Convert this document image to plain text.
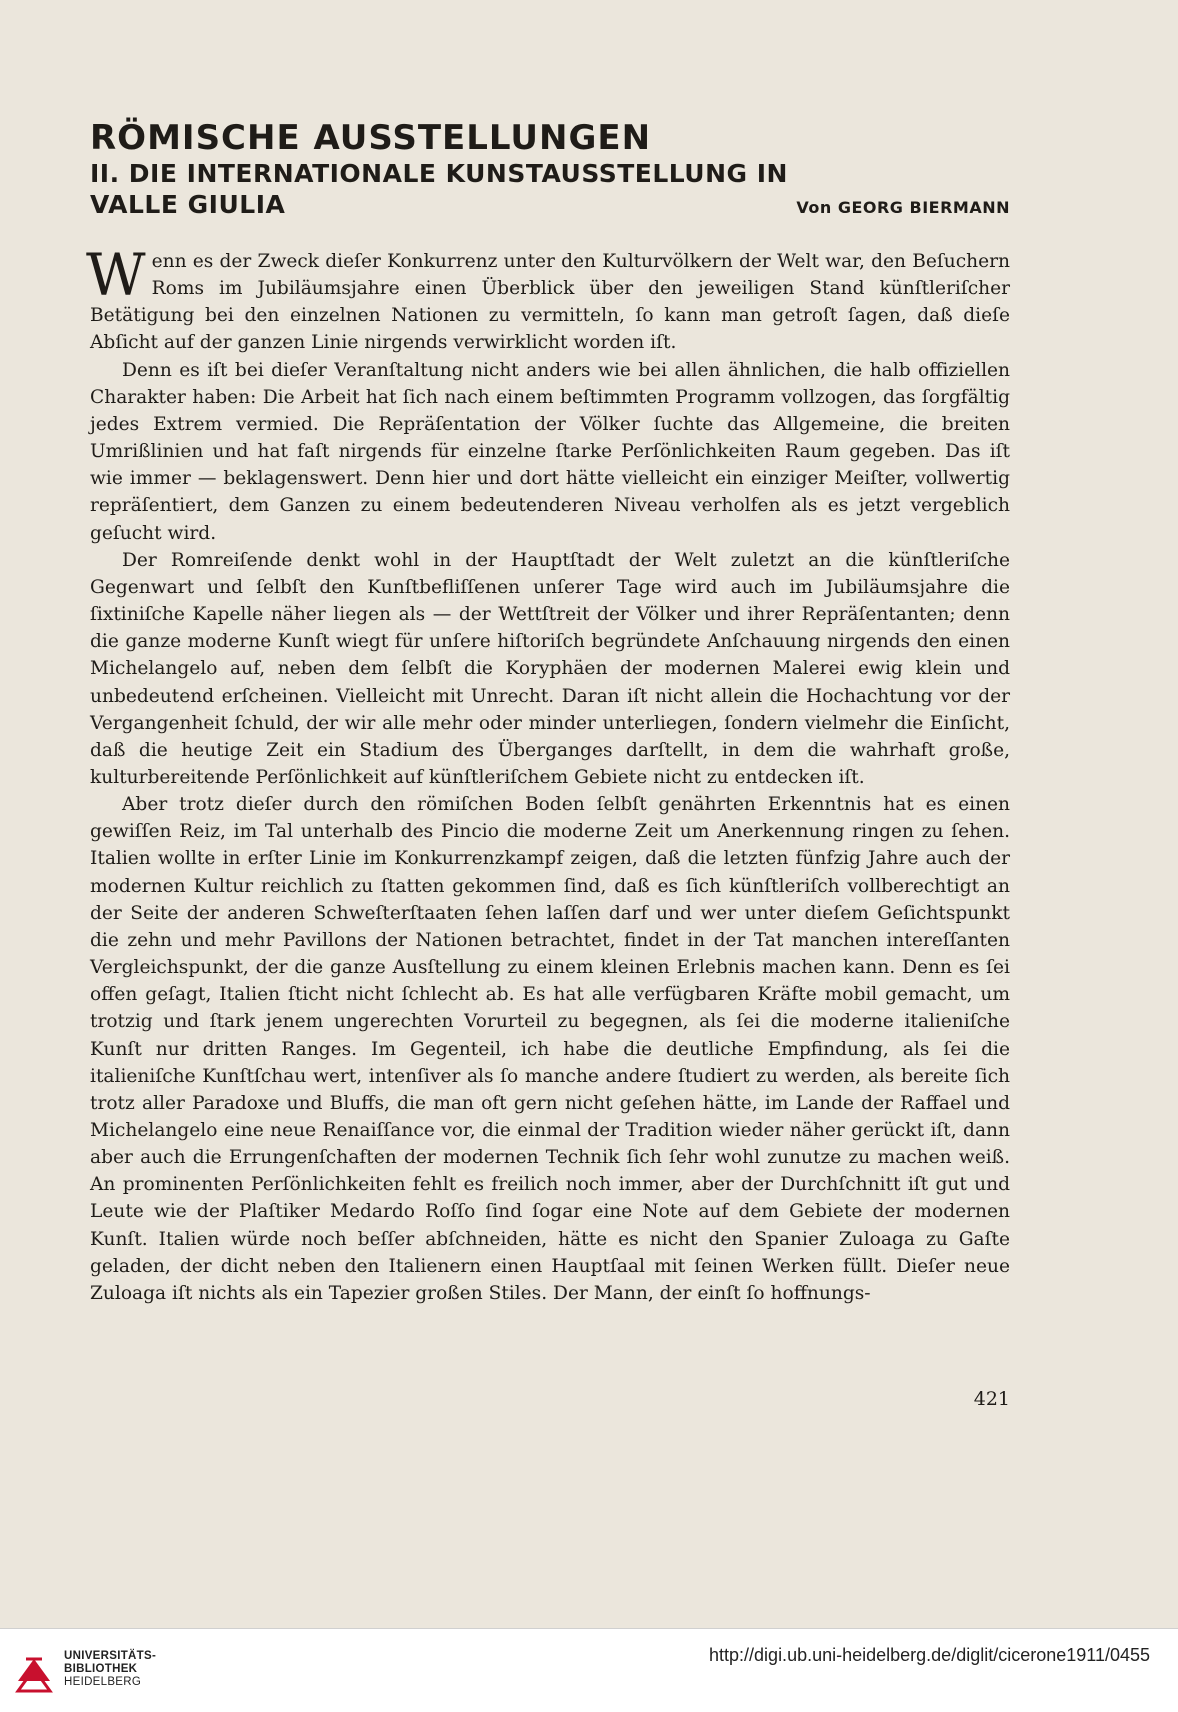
RÖMISCHE AUSSTELLUNGEN
II. DIE INTERNATIONALE KUNSTAUSSTELLUNG IN
VALLE GIULIA	Von GEORG BIERMANN

Wenn es der Zweck dieſer Konkurrenz unter den Kulturvölkern der Welt war, den Beſuchern Roms im Jubiläumsjahre einen Überblick über den jeweiligen Stand künſtleriſcher Betätigung bei den einzelnen Nationen zu vermitteln, ſo kann man getroſt ſagen, daß dieſe Abſicht auf der ganzen Linie nirgends verwirklicht worden iſt.

Denn es iſt bei dieſer Veranſtaltung nicht anders wie bei allen ähnlichen, die halb offiziellen Charakter haben: Die Arbeit hat ſich nach einem beſtimmten Programm vollzogen, das ſorgfältig jedes Extrem vermied. Die Repräſentation der Völker ſuchte das Allgemeine, die breiten Umrißlinien und hat faſt nirgends für einzelne ſtarke Perſönlichkeiten Raum gegeben. Das iſt wie immer — beklagenswert. Denn hier und dort hätte vielleicht ein einziger Meiſter, vollwertig repräſentiert, dem Ganzen zu einem bedeutenderen Niveau verholfen als es jetzt vergeblich geſucht wird.

Der Romreiſende denkt wohl in der Hauptſtadt der Welt zuletzt an die künſtleriſche Gegenwart und ſelbſt den Kunſtbefliſſenen unſerer Tage wird auch im Jubiläumsjahre die ſixtiniſche Kapelle näher liegen als — der Wettſtreit der Völker und ihrer Repräſentanten; denn die ganze moderne Kunſt wiegt für unſere hiſtoriſch begründete Anſchauung nirgends den einen Michelangelo auf, neben dem ſelbſt die Koryphäen der modernen Malerei ewig klein und unbedeutend erſcheinen. Vielleicht mit Unrecht. Daran iſt nicht allein die Hochachtung vor der Vergangenheit ſchuld, der wir alle mehr oder minder unterliegen, ſondern vielmehr die Einſicht, daß die heutige Zeit ein Stadium des Überganges darſtellt, in dem die wahrhaft große, kulturbereitende Perſönlichkeit auf künſtleriſchem Gebiete nicht zu entdecken iſt.

Aber trotz dieſer durch den römiſchen Boden ſelbſt genährten Erkenntnis hat es einen gewiſſen Reiz, im Tal unterhalb des Pincio die moderne Zeit um Anerkennung ringen zu ſehen. Italien wollte in erſter Linie im Konkurrenzkampf zeigen, daß die letzten fünfzig Jahre auch der modernen Kultur reichlich zu ſtatten gekommen ſind, daß es ſich künſtleriſch vollberechtigt an der Seite der anderen Schweſterſtaaten ſehen laſſen darf und wer unter dieſem Geſichtspunkt die zehn und mehr Pavillons der Nationen betrachtet, findet in der Tat manchen intereſſanten Vergleichspunkt, der die ganze Ausſtellung zu einem kleinen Erlebnis machen kann. Denn es ſei offen geſagt, Italien ſticht nicht ſchlecht ab. Es hat alle verfügbaren Kräfte mobil gemacht, um trotzig und ſtark jenem ungerechten Vorurteil zu begegnen, als ſei die moderne italieniſche Kunſt nur dritten Ranges. Im Gegenteil, ich habe die deutliche Empfindung, als ſei die italieniſche Kunſtſchau wert, intenſiver als ſo manche andere ſtudiert zu werden, als bereite ſich trotz aller Paradoxe und Bluffs, die man oft gern nicht geſehen hätte, im Lande der Raffael und Michelangelo eine neue Renaiſſance vor, die einmal der Tradition wieder näher gerückt iſt, dann aber auch die Errungenſchaften der modernen Technik ſich ſehr wohl zunutze zu machen weiß. An prominenten Perſönlichkeiten fehlt es freilich noch immer, aber der Durchſchnitt iſt gut und Leute wie der Plaſtiker Medardo Roſſo ſind ſogar eine Note auf dem Gebiete der modernen Kunſt. Italien würde noch beſſer abſchneiden, hätte es nicht den Spanier Zuloaga zu Gaſte geladen, der dicht neben den Italienern einen Hauptſaal mit ſeinen Werken füllt. Dieſer neue Zuloaga iſt nichts als ein Tapezier großen Stiles. Der Mann, der einſt ſo hoffnungs-

421
UNIVERSITÄTS-
BIBLIOTHEK
HEIDELBERG
http://digi.ub.uni-heidelberg.de/diglit/cicerone1911/0455
